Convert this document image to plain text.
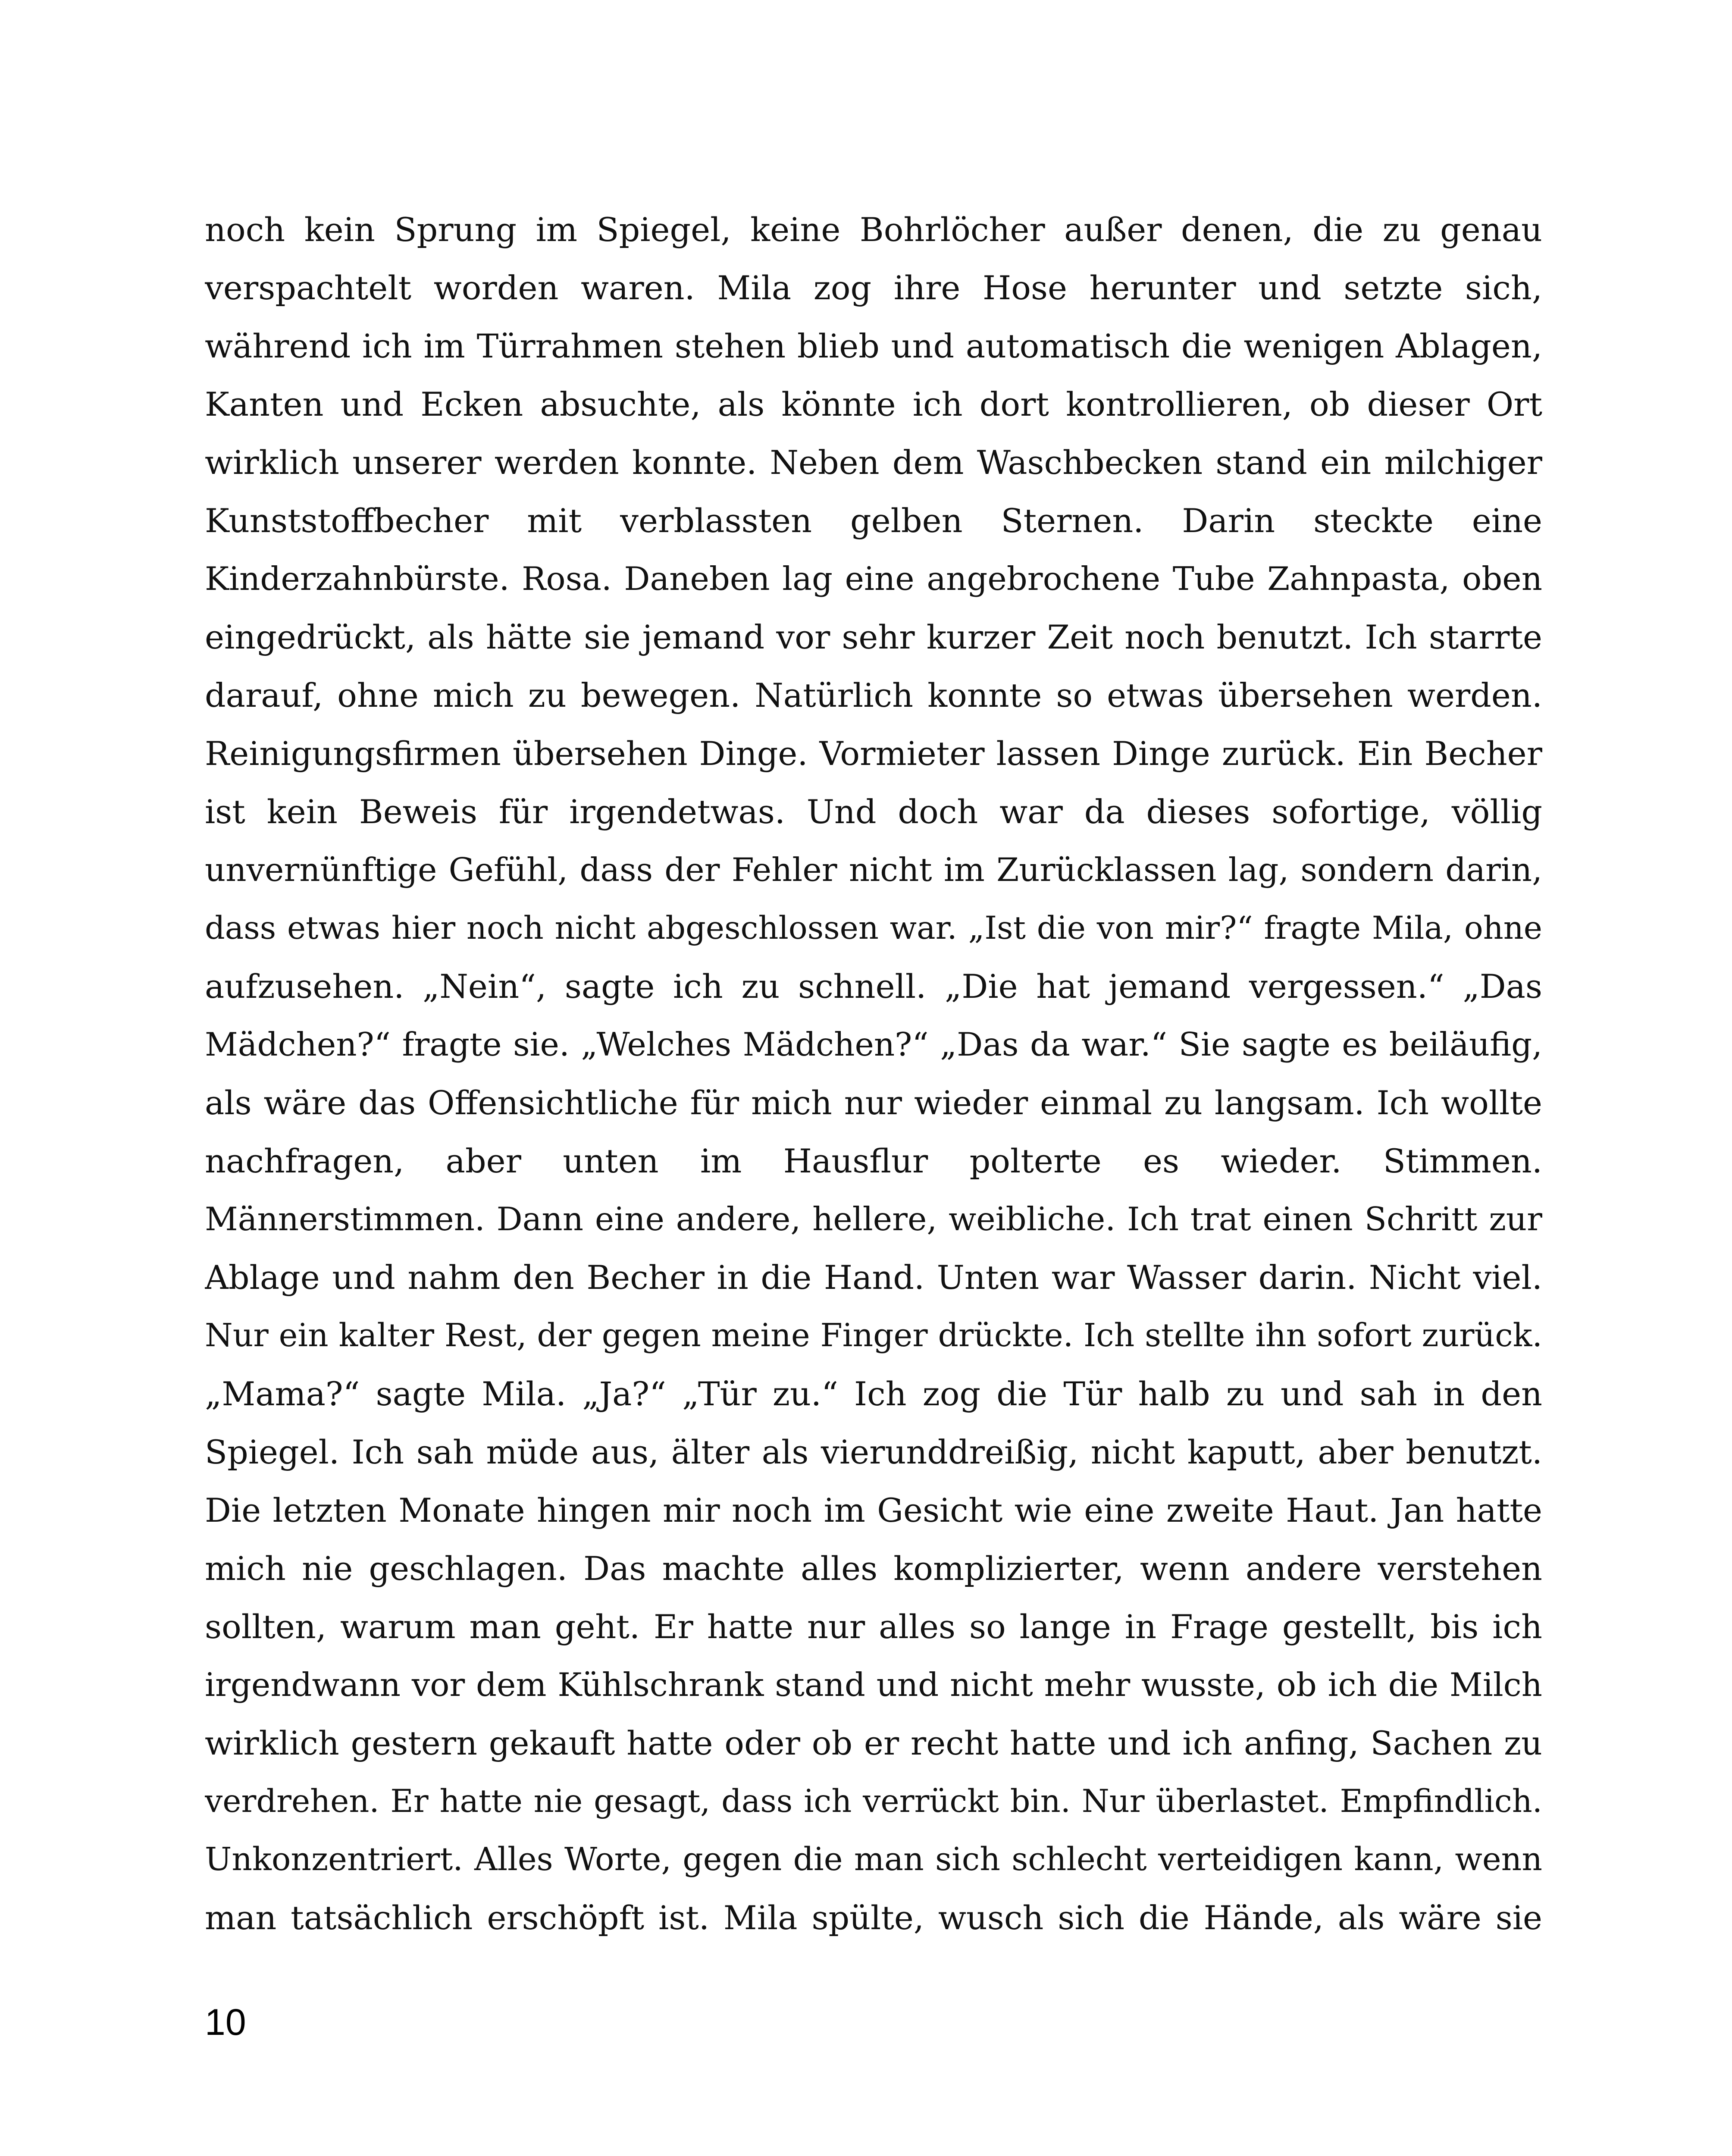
noch kein Sprung im Spiegel, keine Bohrlöcher außer denen, die zu genau
verspachtelt worden waren. Mila zog ihre Hose herunter und setzte sich,
während ich im Türrahmen stehen blieb und automatisch die wenigen Ablagen,
Kanten und Ecken absuchte, als könnte ich dort kontrollieren, ob dieser Ort
wirklich unserer werden konnte. Neben dem Waschbecken stand ein milchiger
Kunststoffbecher mit verblassten gelben Sternen. Darin steckte eine
Kinderzahnbürste. Rosa. Daneben lag eine angebrochene Tube Zahnpasta, oben
eingedrückt, als hätte sie jemand vor sehr kurzer Zeit noch benutzt. Ich starrte
darauf, ohne mich zu bewegen. Natürlich konnte so etwas übersehen werden.
Reinigungsfirmen übersehen Dinge. Vormieter lassen Dinge zurück. Ein Becher
ist kein Beweis für irgendetwas. Und doch war da dieses sofortige, völlig
unvernünftige Gefühl, dass der Fehler nicht im Zurücklassen lag, sondern darin,
dass etwas hier noch nicht abgeschlossen war. „Ist die von mir?“ fragte Mila, ohne
aufzusehen. „Nein“, sagte ich zu schnell. „Die hat jemand vergessen.“ „Das
Mädchen?“ fragte sie. „Welches Mädchen?“ „Das da war.“ Sie sagte es beiläufig,
als wäre das Offensichtliche für mich nur wieder einmal zu langsam. Ich wollte
nachfragen, aber unten im Hausflur polterte es wieder. Stimmen.
Männerstimmen. Dann eine andere, hellere, weibliche. Ich trat einen Schritt zur
Ablage und nahm den Becher in die Hand. Unten war Wasser darin. Nicht viel.
Nur ein kalter Rest, der gegen meine Finger drückte. Ich stellte ihn sofort zurück.
„Mama?“ sagte Mila. „Ja?“ „Tür zu.“ Ich zog die Tür halb zu und sah in den
Spiegel. Ich sah müde aus, älter als vierunddreißig, nicht kaputt, aber benutzt.
Die letzten Monate hingen mir noch im Gesicht wie eine zweite Haut. Jan hatte
mich nie geschlagen. Das machte alles komplizierter, wenn andere verstehen
sollten, warum man geht. Er hatte nur alles so lange in Frage gestellt, bis ich
irgendwann vor dem Kühlschrank stand und nicht mehr wusste, ob ich die Milch
wirklich gestern gekauft hatte oder ob er recht hatte und ich anfing, Sachen zu
verdrehen. Er hatte nie gesagt, dass ich verrückt bin. Nur überlastet. Empfindlich.
Unkonzentriert. Alles Worte, gegen die man sich schlecht verteidigen kann, wenn
man tatsächlich erschöpft ist. Mila spülte, wusch sich die Hände, als wäre sie
10
